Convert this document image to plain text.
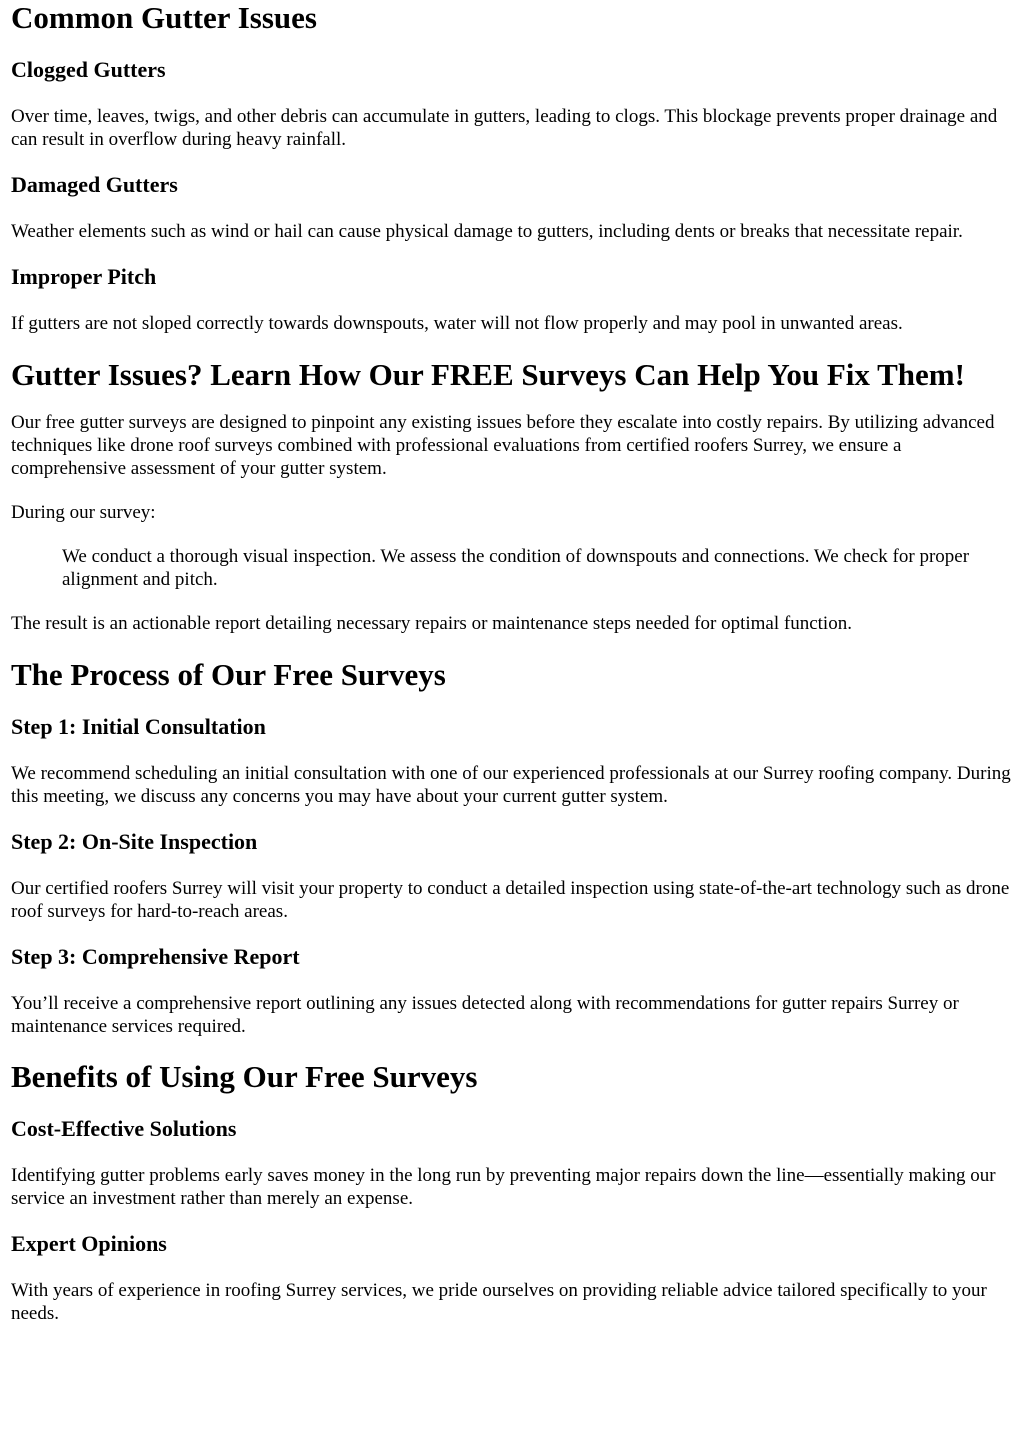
Common Gutter Issues
Clogged Gutters

Over time, leaves, twigs, and other debris can accumulate in gutters, leading to clogs. This blockage prevents proper drainage and can result in overflow during heavy rainfall.

Damaged Gutters

Weather elements such as wind or hail can cause physical damage to gutters, including dents or breaks that necessitate repair.

Improper Pitch

If gutters are not sloped correctly towards downspouts, water will not flow properly and may pool in unwanted areas.

Gutter Issues? Learn How Our FREE Surveys Can Help You Fix Them!

Our free gutter surveys are designed to pinpoint any existing issues before they escalate into costly repairs. By utilizing advanced techniques like drone roof surveys combined with professional evaluations from certified roofers Surrey, we ensure a comprehensive assessment of your gutter system.

During our survey:

We conduct a thorough visual inspection. We assess the condition of downspouts and connections. We check for proper alignment and pitch.

The result is an actionable report detailing necessary repairs or maintenance steps needed for optimal function.

The Process of Our Free Surveys
Step 1: Initial Consultation

We recommend scheduling an initial consultation with one of our experienced professionals at our Surrey roofing company. During this meeting, we discuss any concerns you may have about your current gutter system.

Step 2: On-Site Inspection

Our certified roofers Surrey will visit your property to conduct a detailed inspection using state-of-the-art technology such as drone roof surveys for hard-to-reach areas.

Step 3: Comprehensive Report

You’ll receive a comprehensive report outlining any issues detected along with recommendations for gutter repairs Surrey or maintenance services required.

Benefits of Using Our Free Surveys
Cost-Effective Solutions

Identifying gutter problems early saves money in the long run by preventing major repairs down the line—essentially making our service an investment rather than merely an expense.

Expert Opinions

With years of experience in roofing Surrey services, we pride ourselves on providing reliable advice tailored specifically to your needs.
